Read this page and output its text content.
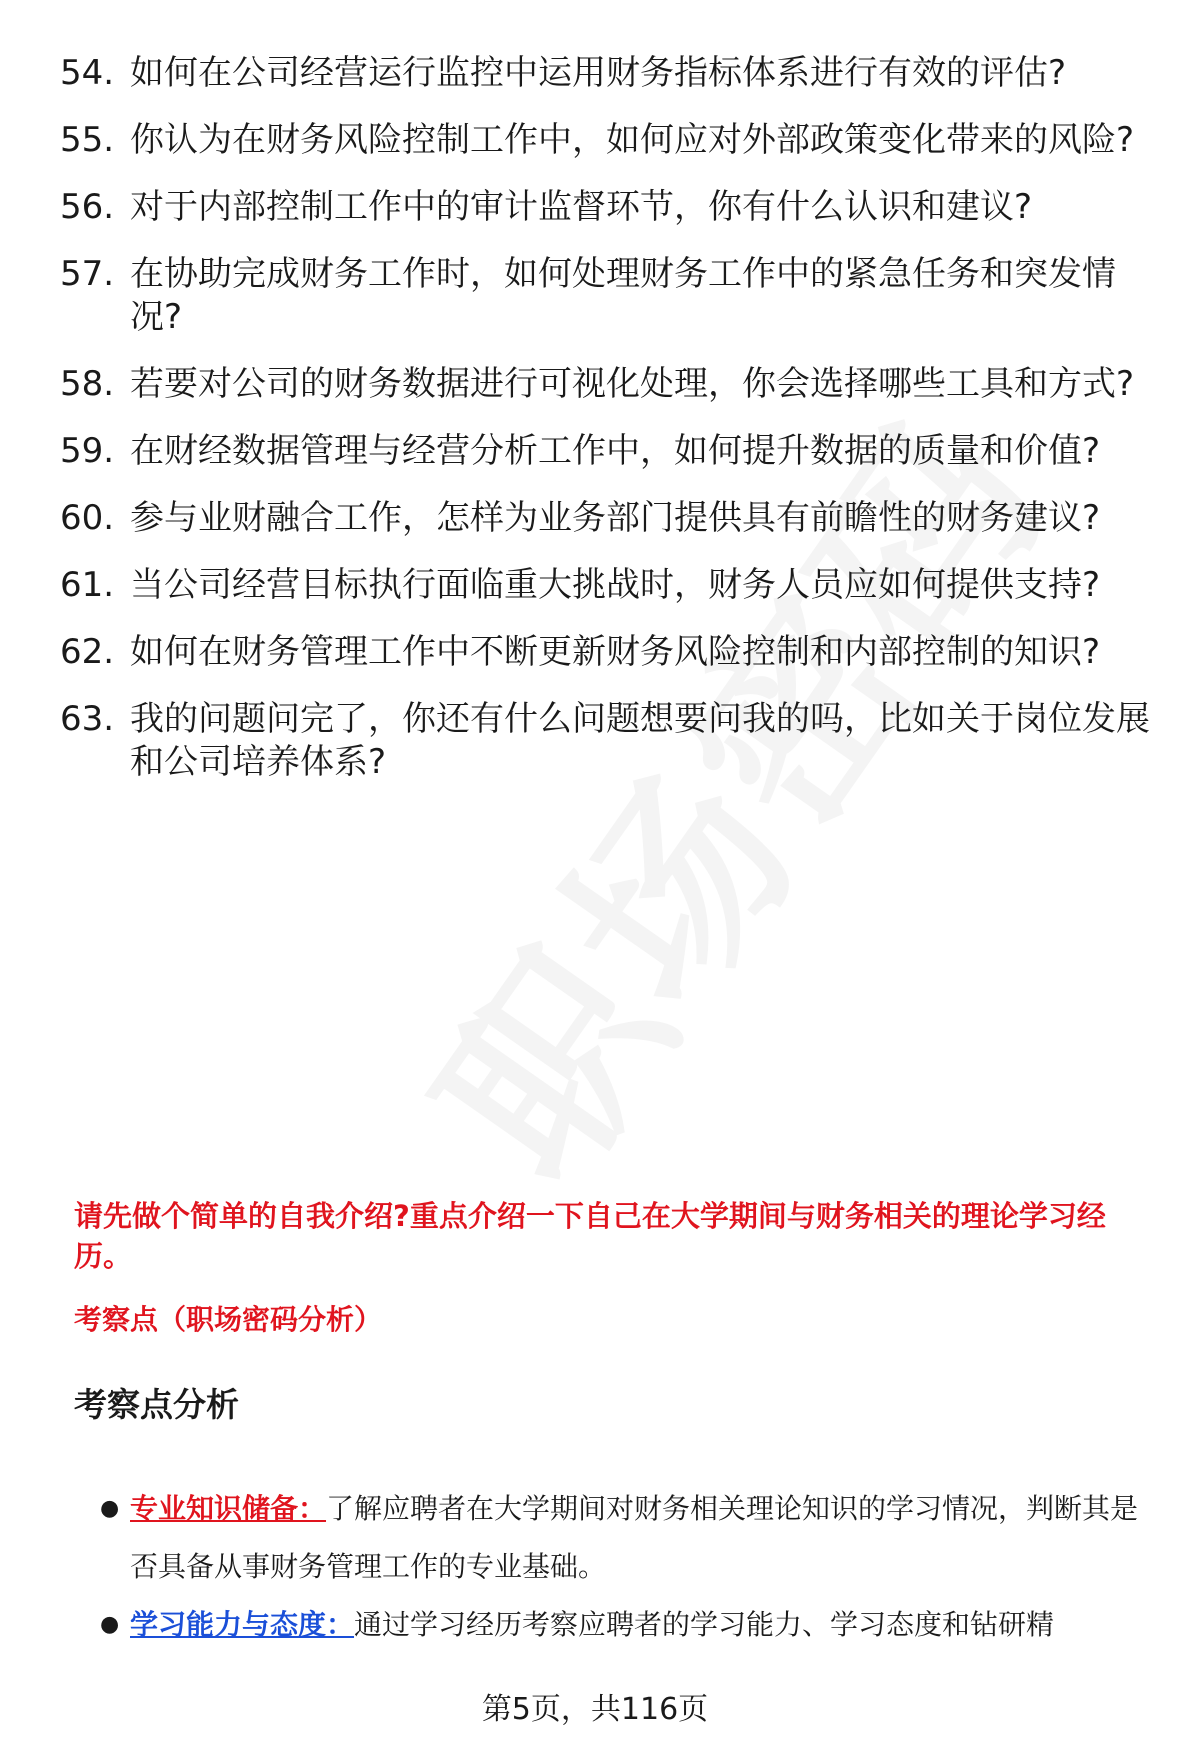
54. 如何在公司经营运行监控中运用财务指标体系进行有效的评估?
55. 你认为在财务风险控制工作中，如何应对外部政策变化带来的风险?
56. 对于内部控制工作中的审计监督环节，你有什么认识和建议?
57. 在协助完成财务工作时，如何处理财务工作中的紧急任务和突发情况?
58. 若要对公司的财务数据进行可视化处理，你会选择哪些工具和方式?
59. 在财经数据管理与经营分析工作中，如何提升数据的质量和价值?
60. 参与业财融合工作，怎样为业务部门提供具有前瞻性的财务建议?
61. 当公司经营目标执行面临重大挑战时，财务人员应如何提供支持?
62. 如何在财务管理工作中不断更新财务风险控制和内部控制的知识?
63. 我的问题问完了，你还有什么问题想要问我的吗，比如关于岗位发展和公司培养体系?
请先做个简单的自我介绍?重点介绍一下自己在大学期间与财务相关的理论学习经历。
考察点（职场密码分析）
考察点分析
● 专业知识储备：了解应聘者在大学期间对财务相关理论知识的学习情况，判断其是否具备从事财务管理工作的专业基础。
● 学习能力与态度：通过学习经历考察应聘者的学习能力、学习态度和钻研精
第5页，共116页
